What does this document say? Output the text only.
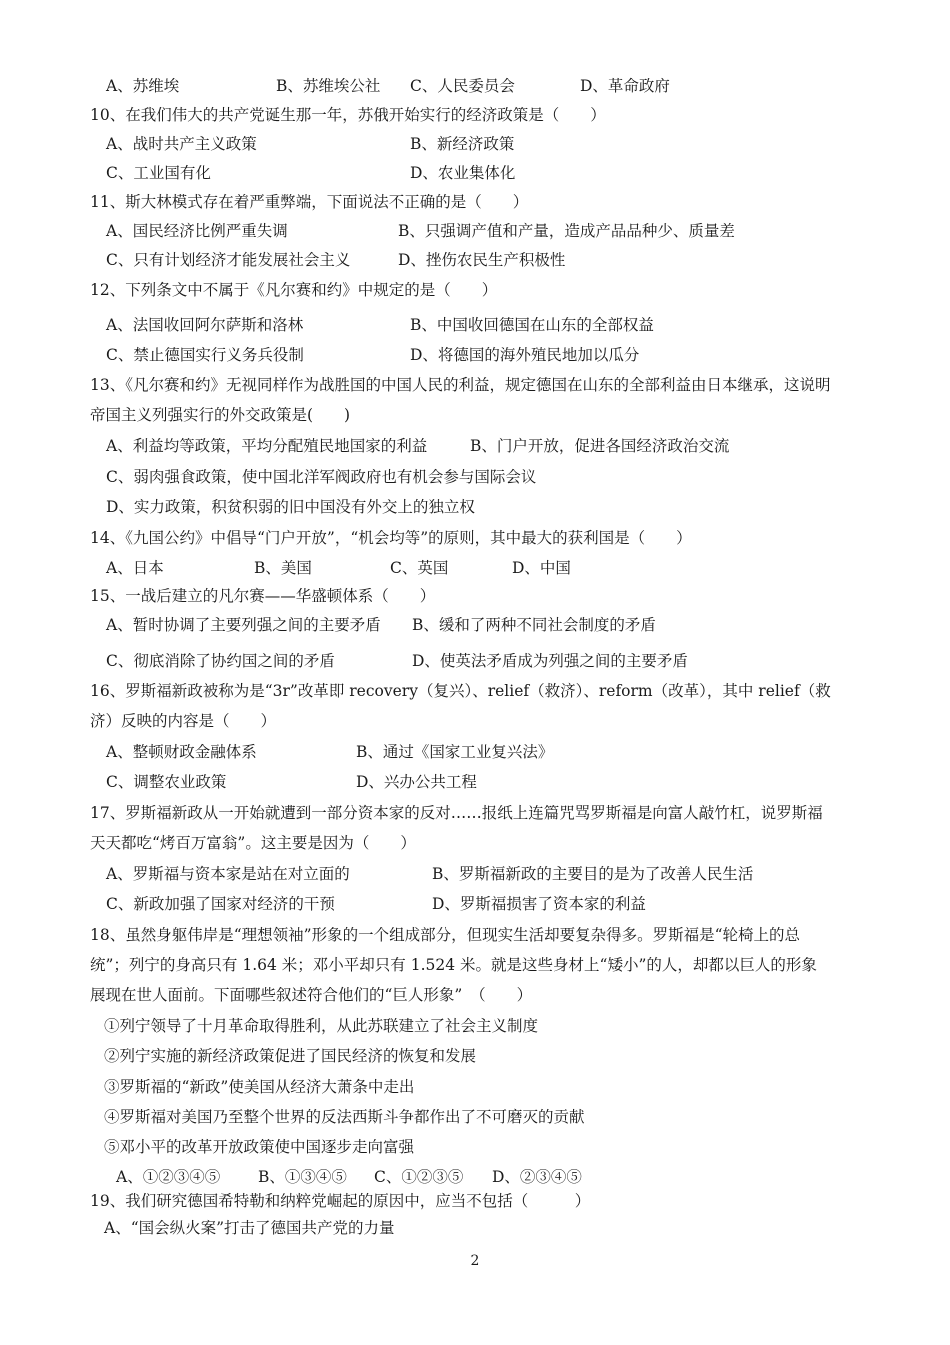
A、苏维埃	B、苏维埃公社 C、人民委员会	D、革命政府
10、在我们伟大的共产党诞生那一年，苏俄开始实行的经济政策是（　　）
A、战时共产主义政策	B、新经济政策
C、工业国有化	D、农业集体化
11、斯大林模式存在着严重弊端，下面说法不正确的是（　　）
A、国民经济比例严重失调	B、只强调产值和产量，造成产品品种少、质量差
C、只有计划经济才能发展社会主义	D、挫伤农民生产积极性
12、下列条文中不属于《凡尔赛和约》中规定的是（　　）
A、法国收回阿尔萨斯和洛林	B、中国收回德国在山东的全部权益
C、禁止德国实行义务兵役制	D、将德国的海外殖民地加以瓜分
13、《凡尔赛和约》无视同样作为战胜国的中国人民的利益，规定德国在山东的全部利益由日本继承，这说明
帝国主义列强实行的外交政策是(　　)
A、利益均等政策，平均分配殖民地国家的利益	B、门户开放，促进各国经济政治交流
C、弱肉强食政策，使中国北洋军阀政府也有机会参与国际会议
D、实力政策，积贫积弱的旧中国没有外交上的独立权
14、《九国公约》中倡导“门户开放”，“机会均等”的原则，其中最大的获利国是（　　）
A、日本	B、美国	C、英国	D、中国
15、一战后建立的凡尔赛——华盛顿体系（　　）
A、暂时协调了主要列强之间的主要矛盾 B、缓和了两种不同社会制度的矛盾
C、彻底消除了协约国之间的矛盾	D、使英法矛盾成为列强之间的主要矛盾
16、罗斯福新政被称为是“3r”改革即 recovery（复兴）、relief（救济）、reform（改革），其中 relief（救
济）反映的内容是（　　）
A、整顿财政金融体系	B、通过《国家工业复兴法》
C、调整农业政策	D、兴办公共工程
17、罗斯福新政从一开始就遭到一部分资本家的反对……报纸上连篇咒骂罗斯福是向富人敲竹杠，说罗斯福
天天都吃“烤百万富翁”。这主要是因为（　　）
A、罗斯福与资本家是站在对立面的	B、罗斯福新政的主要目的是为了改善人民生活
C、新政加强了国家对经济的干预	D、罗斯福损害了资本家的利益
18、虽然身躯伟岸是“理想领袖”形象的一个组成部分，但现实生活却要复杂得多。罗斯福是“轮椅上的总
统”；列宁的身高只有 1.64 米；邓小平却只有 1.524 米。就是这些身材上“矮小”的人，却都以巨人的形象
展现在世人面前。下面哪些叙述符合他们的“巨人形象”　（　　）
①列宁领导了十月革命取得胜利，从此苏联建立了社会主义制度
②列宁实施的新经济政策促进了国民经济的恢复和发展
③罗斯福的“新政”使美国从经济大萧条中走出
④罗斯福对美国乃至整个世界的反法西斯斗争都作出了不可磨灭的贡献
⑤邓小平的改革开放政策使中国逐步走向富强
A、①②③④⑤ B、①③④⑤ C、①②③⑤ D、②③④⑤
19、我们研究德国希特勒和纳粹党崛起的原因中，应当不包括（　　　）
A、“国会纵火案”打击了德国共产党的力量
2
